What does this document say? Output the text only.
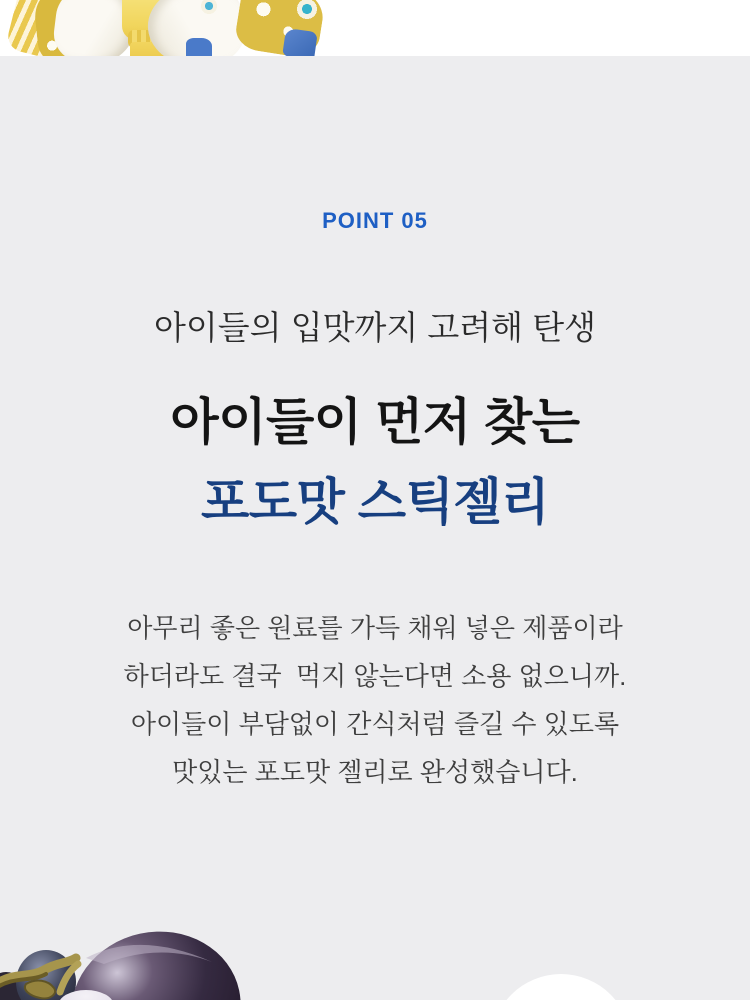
POINT 05
아이들의 입맛까지 고려해 탄생
아이들이 먼저 찾는
포도맛 스틱젤리
아무리 좋은 원료를 가득 채워 넣은 제품이라
하더라도 결국  먹지 않는다면 소용 없으니까.
아이들이 부담없이 간식처럼 즐길 수 있도록
맛있는 포도맛 젤리로 완성했습니다.
